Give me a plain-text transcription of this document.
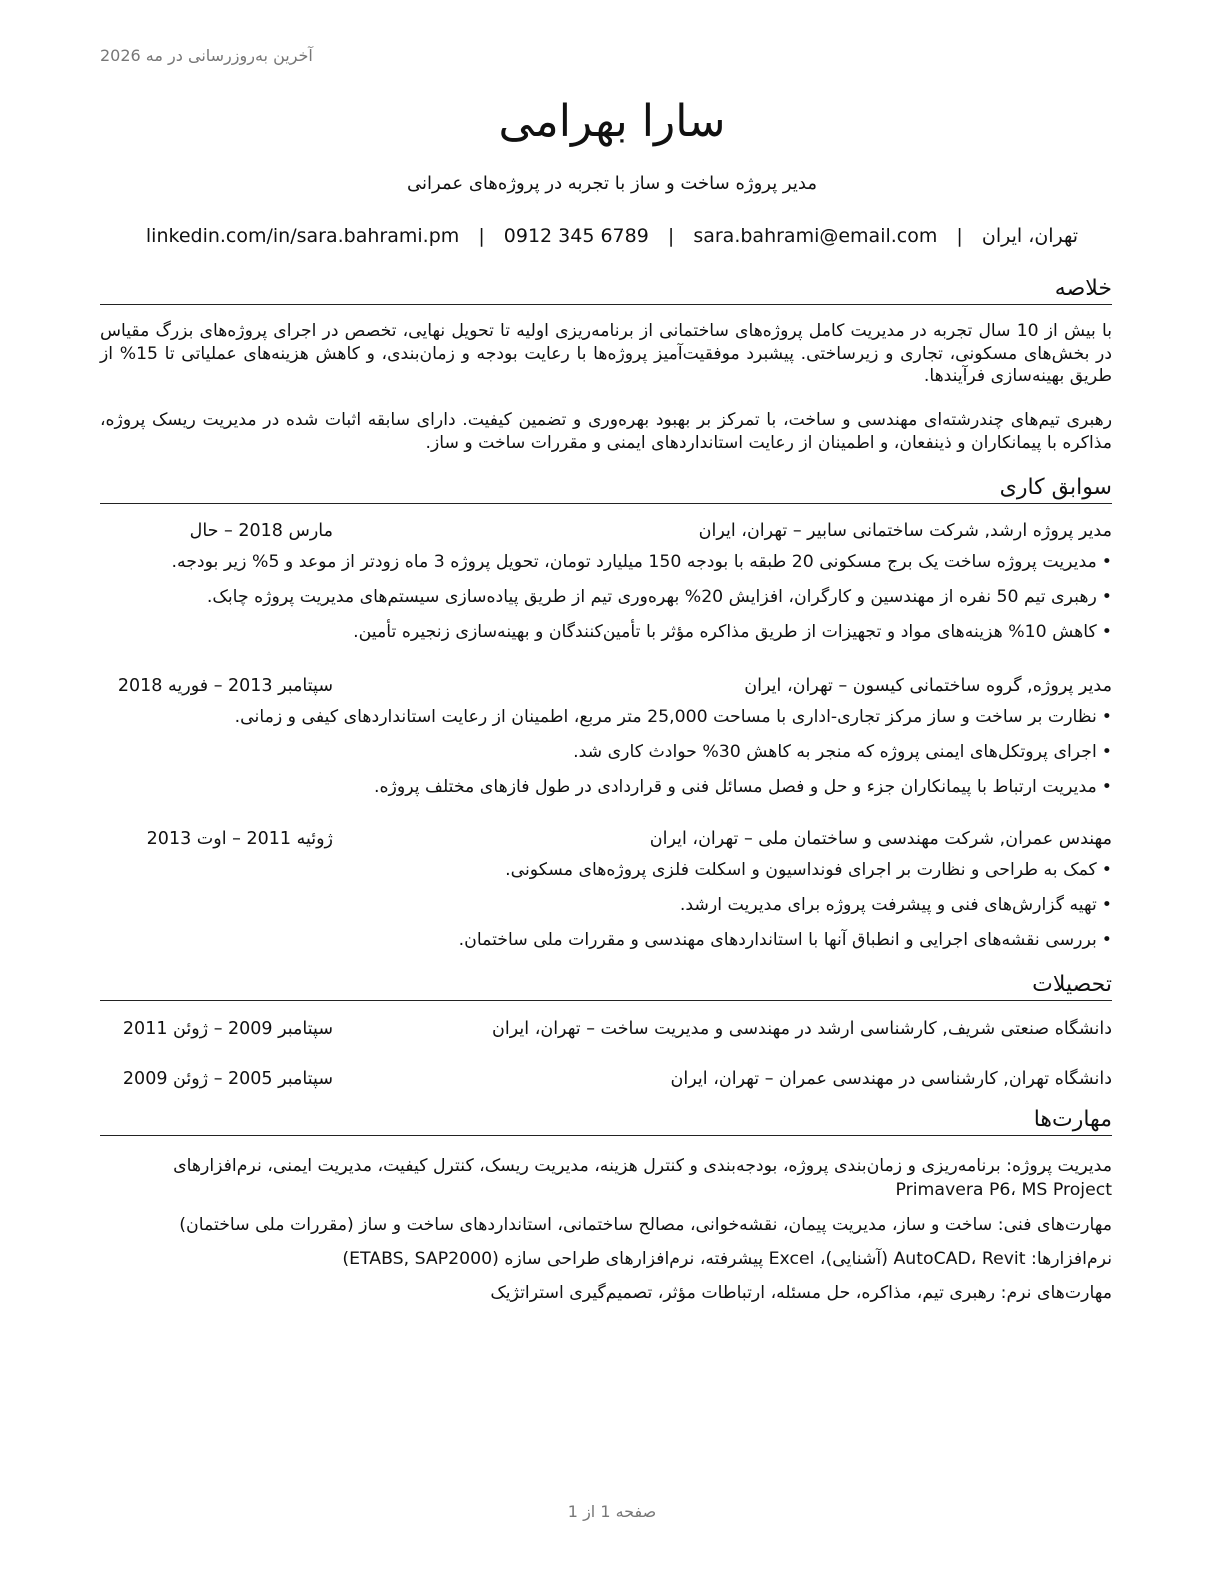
آخرین به‌روزرسانی در مه 2026
سارا بهرامی
مدیر پروژه ساخت و ساز با تجربه در پروژه‌های عمرانی
تهران، ایران | sara.bahrami@email.com | 0912 345 6789 | linkedin.com/in/sara.bahrami.pm
خلاصه

با بیش از 10 سال تجربه در مدیریت کامل پروژه‌های ساختمانی از برنامه‌ریزی اولیه تا تحویل نهایی، تخصص در اجرای پروژه‌های بزرگ مقیاس در بخش‌های مسکونی، تجاری و زیرساختی. پیشبرد موفقیت‌آمیز پروژه‌ها با رعایت بودجه و زمان‌بندی، و کاهش هزینه‌های عملیاتی تا 15% از طریق بهینه‌سازی فرآیندها.

رهبری تیم‌های چندرشته‌ای مهندسی و ساخت، با تمرکز بر بهبود بهره‌وری و تضمین کیفیت. دارای سابقه اثبات شده در مدیریت ریسک پروژه، مذاکره با پیمانکاران و ذینفعان، و اطمینان از رعایت استانداردهای ایمنی و مقررات ساخت و ساز.

سوابق کاری
مدیر پروژه ارشد, شرکت ساختمانی سابیر – تهران، ایران
مارس 2018 – حال
•مدیریت پروژه ساخت یک برج مسکونی 20 طبقه با بودجه 150 میلیارد تومان، تحویل پروژه 3 ماه زودتر از موعد و 5% زیر بودجه.
•رهبری تیم 50 نفره از مهندسین و کارگران، افزایش 20% بهره‌وری تیم از طریق پیاده‌سازی سیستم‌های مدیریت پروژه چابک.
•کاهش 10% هزینه‌های مواد و تجهیزات از طریق مذاکره مؤثر با تأمین‌کنندگان و بهینه‌سازی زنجیره تأمین.
مدیر پروژه, گروه ساختمانی کیسون – تهران، ایران
سپتامبر 2013 – فوریه 2018
•نظارت بر ساخت و ساز مرکز تجاری-اداری با مساحت 25,000 متر مربع، اطمینان از رعایت استانداردهای کیفی و زمانی.
•اجرای پروتکل‌های ایمنی پروژه که منجر به کاهش 30% حوادث کاری شد.
•مدیریت ارتباط با پیمانکاران جزء و حل و فصل مسائل فنی و قراردادی در طول فازهای مختلف پروژه.
مهندس عمران, شرکت مهندسی و ساختمان ملی – تهران، ایران
ژوئیه 2011 – اوت 2013
•کمک به طراحی و نظارت بر اجرای فونداسیون و اسکلت فلزی پروژه‌های مسکونی.
•تهیه گزارش‌های فنی و پیشرفت پروژه برای مدیریت ارشد.
•بررسی نقشه‌های اجرایی و انطباق آنها با استانداردهای مهندسی و مقررات ملی ساختمان.
تحصیلات
دانشگاه صنعتی شریف, کارشناسی ارشد در مهندسی و مدیریت ساخت – تهران، ایران
سپتامبر 2009 – ژوئن 2011
دانشگاه تهران, کارشناسی در مهندسی عمران – تهران، ایران
سپتامبر 2005 – ژوئن 2009
مهارت‌ها
مدیریت پروژه: برنامه‌ریزی و زمان‌بندی پروژه، بودجه‌بندی و کنترل هزینه، مدیریت ریسک، کنترل کیفیت، مدیریت ایمنی، نرم‌افزارهای Primavera P6، MS Project
مهارت‌های فنی: ساخت و ساز، مدیریت پیمان، نقشه‌خوانی، مصالح ساختمانی، استانداردهای ساخت و ساز (مقررات ملی ساختمان)
نرم‌افزارها: AutoCAD، Revit (آشنایی)، Excel پیشرفته، نرم‌افزارهای طراحی سازه (ETABS, SAP2000)
مهارت‌های نرم: رهبری تیم، مذاکره، حل مسئله، ارتباطات مؤثر، تصمیم‌گیری استراتژیک
صفحه 1 از 1
